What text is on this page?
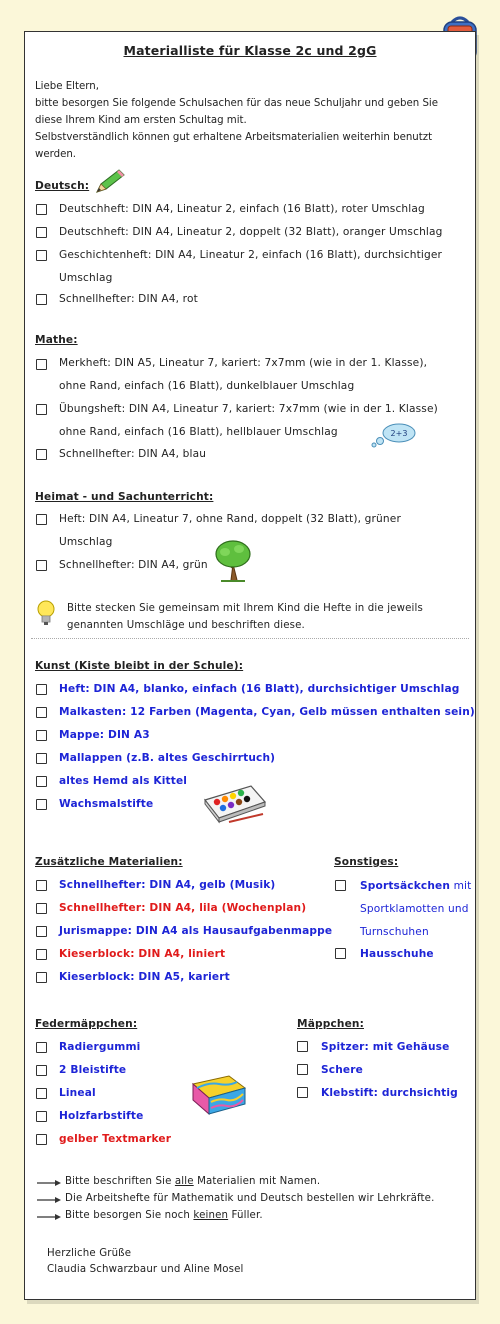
Materialliste für Klasse 2c und 2gG
Liebe Eltern,
bitte besorgen Sie folgende Schulsachen für das neue Schuljahr und geben Sie diese Ihrem Kind am ersten Schultag mit.
Selbstverständlich können gut erhaltene Arbeitsmaterialien weiterhin benutzt werden.
Deutsch:
Deutschheft: DIN A4, Lineatur 2, einfach (16 Blatt), roter Umschlag
Deutschheft: DIN A4, Lineatur 2, doppelt (32 Blatt), oranger Umschlag
Geschichtenheft: DIN A4, Lineatur 2, einfach (16 Blatt), durchsichtiger
Umschlag
Schnellhefter: DIN A4, rot
Mathe:
Merkheft: DIN A5, Lineatur 7, kariert: 7x7mm (wie in der 1. Klasse),
ohne Rand, einfach (16 Blatt), dunkelblauer Umschlag
Übungsheft: DIN A4, Lineatur 7, kariert: 7x7mm (wie in der 1. Klasse)
ohne Rand, einfach (16 Blatt), hellblauer Umschlag	2+3
Schnellhefter: DIN A4, blau
Heimat - und Sachunterricht:
Heft: DIN A4, Lineatur 7, ohne Rand, doppelt (32 Blatt), grüner
Umschlag
Schnellhefter: DIN A4, grün
Bitte stecken Sie gemeinsam mit Ihrem Kind die Hefte in die jeweils
genannten Umschläge und beschriften diese.
Kunst (Kiste bleibt in der Schule):
Heft: DIN A4, blanko, einfach (16 Blatt), durchsichtiger Umschlag
Malkasten: 12 Farben (Magenta, Cyan, Gelb müssen enthalten sein)
Mappe: DIN A3
Mallappen (z.B. altes Geschirrtuch)
altes Hemd als Kittel
Wachsmalstifte
Zusätzliche Materialien:
Schnellhefter: DIN A4, gelb (Musik)
Schnellhefter: DIN A4, lila (Wochenplan)
Jurismappe: DIN A4 als Hausaufgabenmappe
Kieserblock: DIN A4, liniert
Kieserblock: DIN A5, kariert
Sonstiges:
Sportsäckchen mit
Sportklamotten und
Turnschuhen
Hausschuhe
Federmäppchen:
Radiergummi
2 Bleistifte
Lineal
Holzfarbstifte
gelber Textmarker
Mäppchen:
Spitzer: mit Gehäuse
Schere
Klebstift: durchsichtig
Bitte beschriften Sie alle Materialien mit Namen.
Die Arbeitshefte für Mathematik und Deutsch bestellen wir Lehrkräfte.
Bitte besorgen Sie noch keinen Füller.
Herzliche Grüße
Claudia Schwarzbaur und Aline Mosel
